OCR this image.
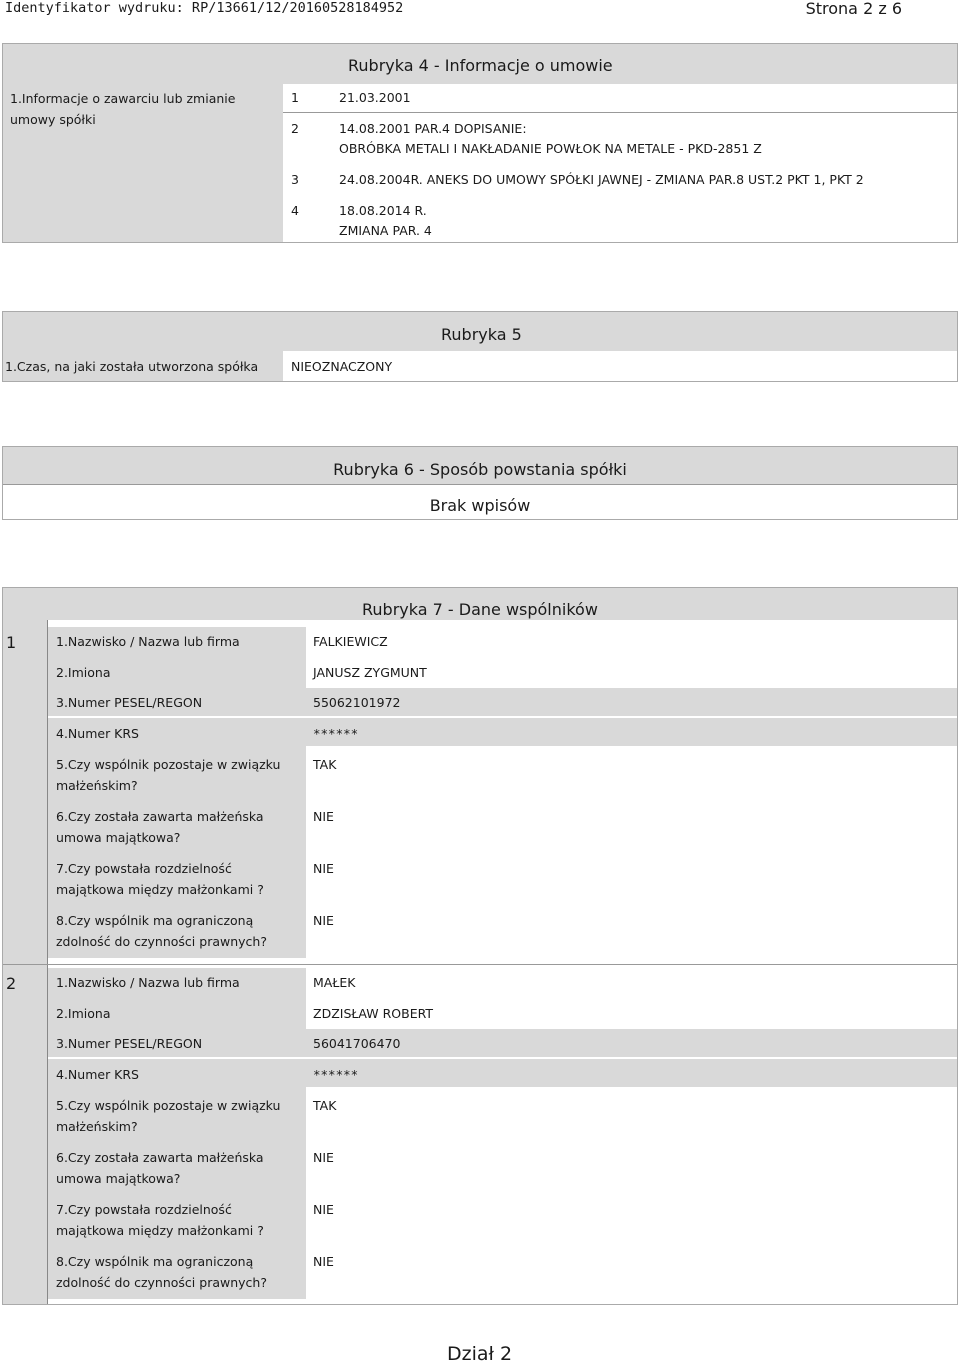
Identyfikator wydruku: RP/13661/12/20160528184952	Strona 2 z 6
Rubryka 4 - Informacje o umowie
1.Informacje o zawarciu lub zmianie umowy spółki
1	21.03.2001
2	14.08.2001 PAR.4 DOPISANIE:
OBRÓBKA METALI I NAKŁADANIE POWŁOK NA METALE - PKD-2851 Z
3	24.08.2004R. ANEKS DO UMOWY SPÓŁKI JAWNEJ - ZMIANA PAR.8 UST.2 PKT 1, PKT 2
4	18.08.2014 R.
ZMIANA PAR. 4
Rubryka 5
1.Czas, na jaki została utworzona spółka	NIEOZNACZONY
Rubryka 6 - Sposób powstania spółki
Brak wpisów
Rubryka 7 - Dane wspólników
1	1.Nazwisko / Nazwa lub firma	FALKIEWICZ
2.Imiona	JANUSZ ZYGMUNT
3.Numer PESEL/REGON	55062101972
4.Numer KRS	******
5.Czy wspólnik pozostaje w związku
małżeńskim?
TAK
6.Czy została zawarta małżeńska
umowa majątkowa?
NIE
7.Czy powstała rozdzielność
majątkowa między małżonkami ?
NIE
8.Czy wspólnik ma ograniczoną
zdolność do czynności prawnych?
NIE
2	1.Nazwisko / Nazwa lub firma	MAŁEK
2.Imiona	ZDZISŁAW ROBERT
3.Numer PESEL/REGON	56041706470
4.Numer KRS	******
5.Czy wspólnik pozostaje w związku
małżeńskim?
TAK
6.Czy została zawarta małżeńska
umowa majątkowa?
NIE
7.Czy powstała rozdzielność
majątkowa między małżonkami ?
NIE
8.Czy wspólnik ma ograniczoną
zdolność do czynności prawnych?
NIE
Dział 2
